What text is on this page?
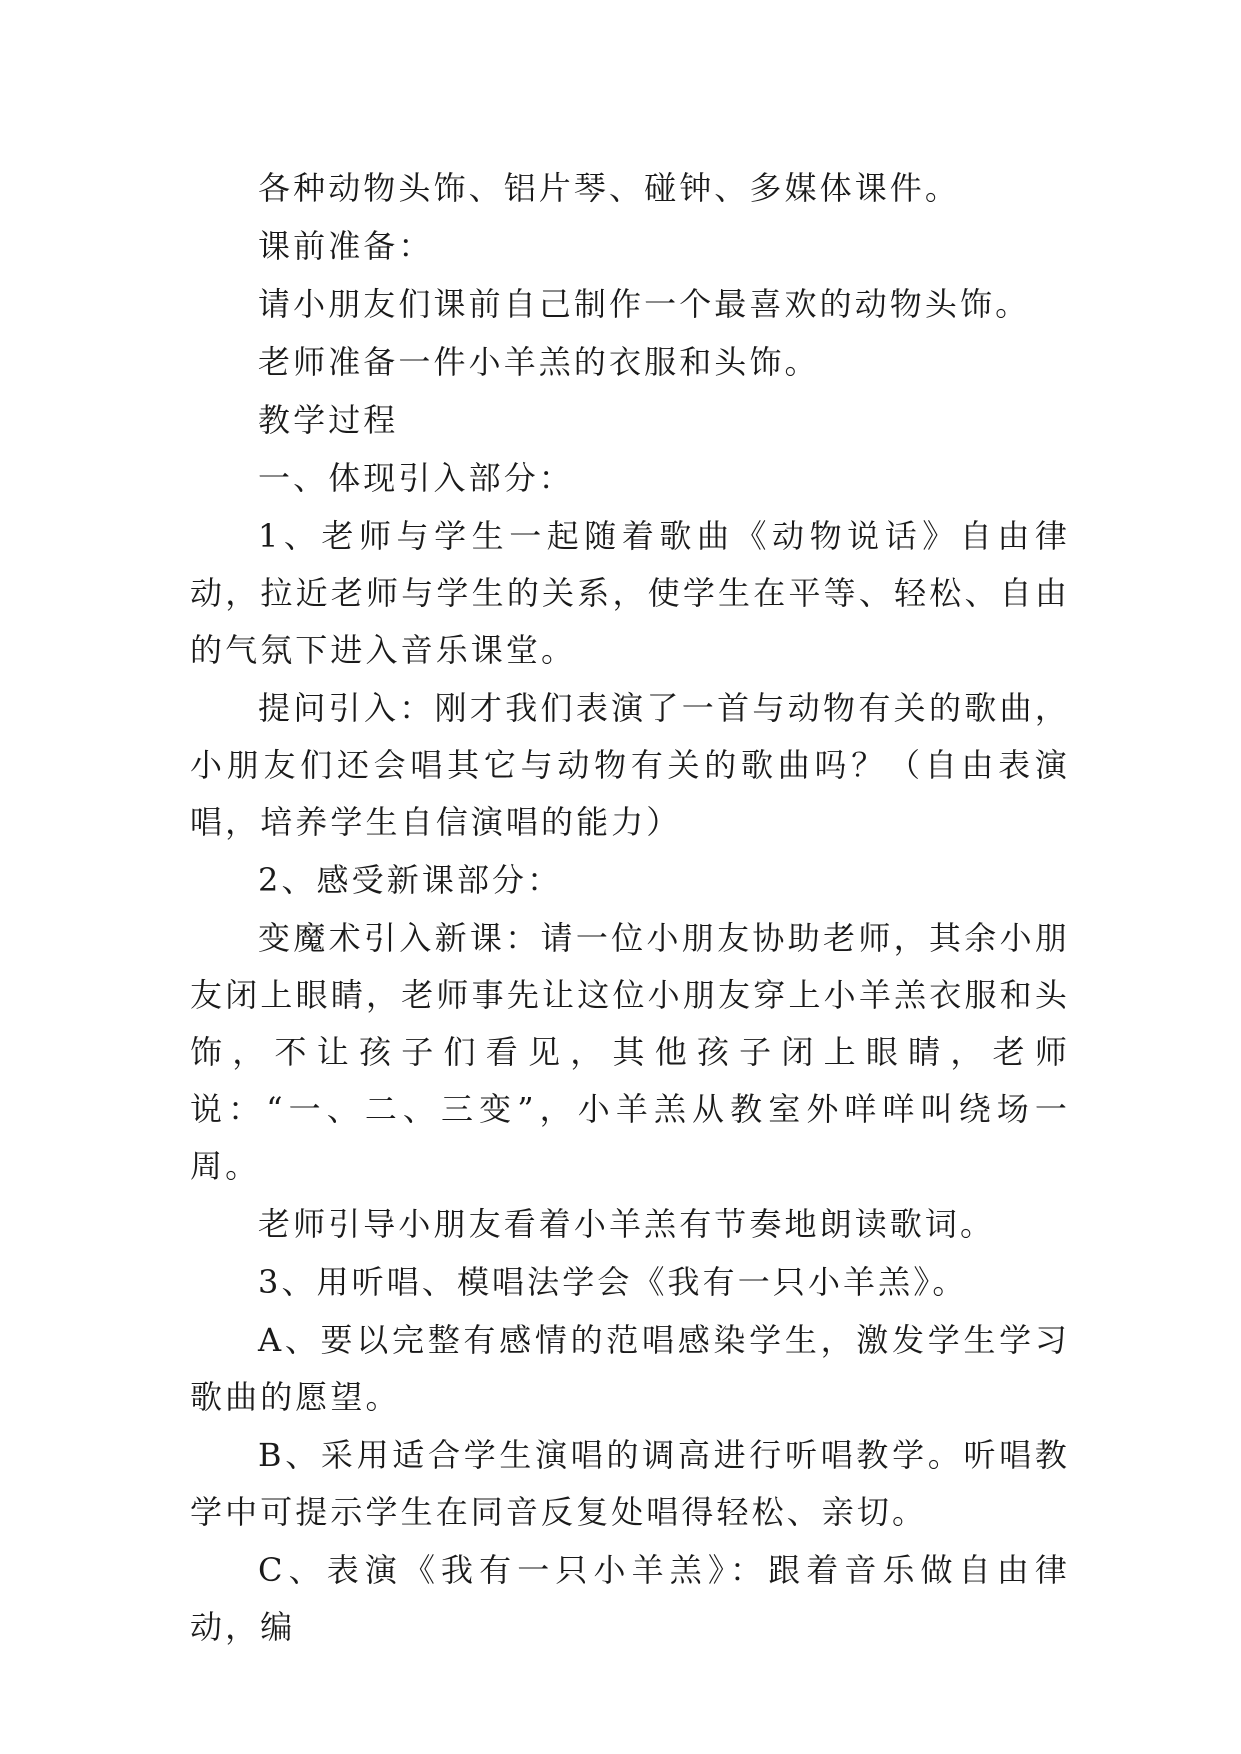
各种动物头饰、铝片琴、碰钟、多媒体课件。

课前准备：

请小朋友们课前自己制作一个最喜欢的动物头饰。

老师准备一件小羊羔的衣服和头饰。

教学过程

一、体现引入部分：

1、老师与学生一起随着歌曲《动物说话》自由律动，拉近老师与学生的关系，使学生在平等、轻松、自由的气氛下进入音乐课堂。

提问引入：刚才我们表演了一首与动物有关的歌曲，小朋友们还会唱其它与动物有关的歌曲吗？（自由表演唱，培养学生自信演唱的能力）

2、感受新课部分：

变魔术引入新课：请一位小朋友协助老师，其余小朋友闭上眼睛，老师事先让这位小朋友穿上小羊羔衣服和头饰，不让孩子们看见，其他孩子闭上眼睛，老师说：“一、二、三变”，小羊羔从教室外咩咩叫绕场一周。

老师引导小朋友看着小羊羔有节奏地朗读歌词。

3、用听唱、模唱法学会《我有一只小羊羔》。

A、要以完整有感情的范唱感染学生，激发学生学习歌曲的愿望。

B、采用适合学生演唱的调高进行听唱教学。听唱教学中可提示学生在同音反复处唱得轻松、亲切。

C、表演《我有一只小羊羔》：跟着音乐做自由律动，编
